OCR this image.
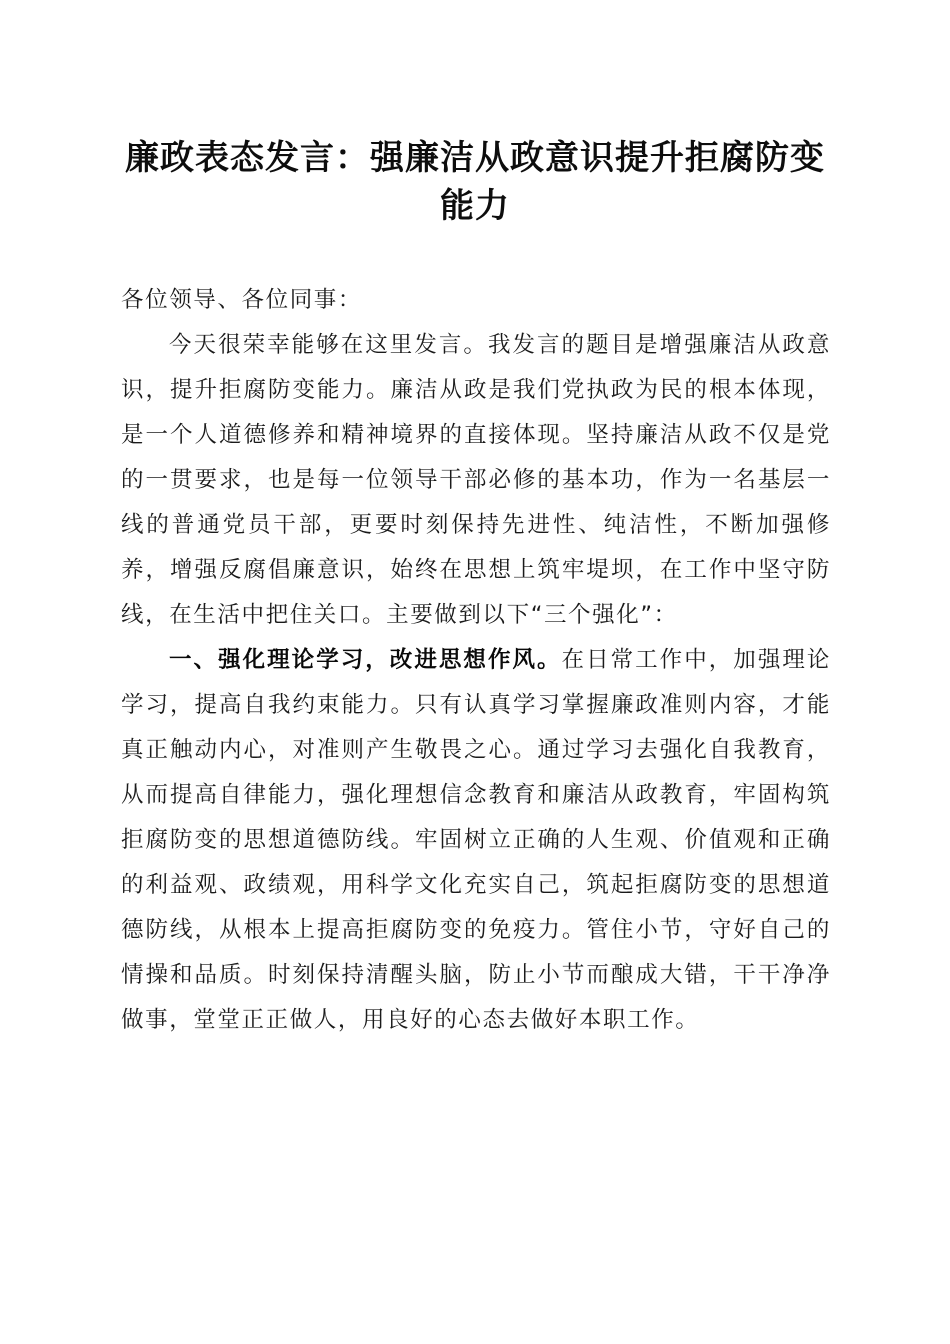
廉政表态发言：强廉洁从政意识提升拒腐防变
能力

各位领导、各位同事：

今天很荣幸能够在这里发言。我发言的题目是增强廉洁从政意识，提升拒腐防变能力。廉洁从政是我们党执政为民的根本体现，是一个人道德修养和精神境界的直接体现。坚持廉洁从政不仅是党的一贯要求，也是每一位领导干部必修的基本功，作为一名基层一线的普通党员干部，更要时刻保持先进性、纯洁性，不断加强修养，增强反腐倡廉意识，始终在思想上筑牢堤坝，在工作中坚守防线，在生活中把住关口。主要做到以下“三个强化”：

一、强化理论学习，改进思想作风。在日常工作中，加强理论学习，提高自我约束能力。只有认真学习掌握廉政准则内容，才能真正触动内心，对准则产生敬畏之心。通过学习去强化自我教育，从而提高自律能力，强化理想信念教育和廉洁从政教育，牢固构筑拒腐防变的思想道德防线。牢固树立正确的人生观、价值观和正确的利益观、政绩观，用科学文化充实自己，筑起拒腐防变的思想道德防线，从根本上提高拒腐防变的免疫力。管住小节，守好自己的情操和品质。时刻保持清醒头脑，防止小节而酿成大错，干干净净做事，堂堂正正做人，用良好的心态去做好本职工作。
